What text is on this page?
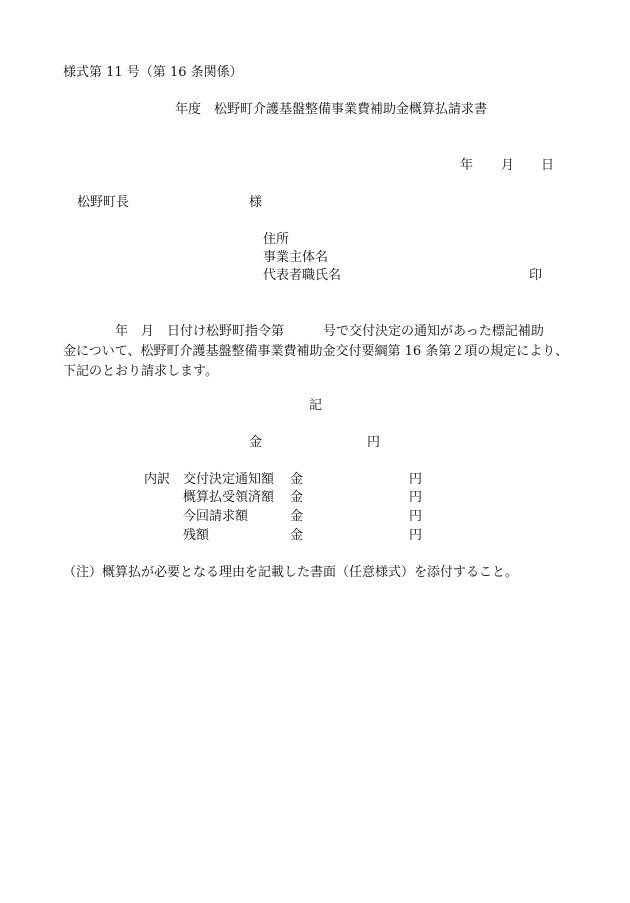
様式第 11 号（第 16 条関係）

年度　松野町介護基盤整備事業費補助金概算払請求書

年 月 日

松野町長	様

住所

事業主体名

代表者職氏名	印

年　月　日付け松野町指令第　　　号で交付決定の通知があった標記補助
金について、松野町介護基盤整備事業費補助金交付要綱第 16 条第２項の規定により、
下記のとおり請求します。

記

金	円

内訳 交付決定通知額 金	円

概算払受領済額 金	円

今回請求額	金	円

残額	金	円

（注）概算払が必要となる理由を記載した書面（任意様式）を添付すること。
